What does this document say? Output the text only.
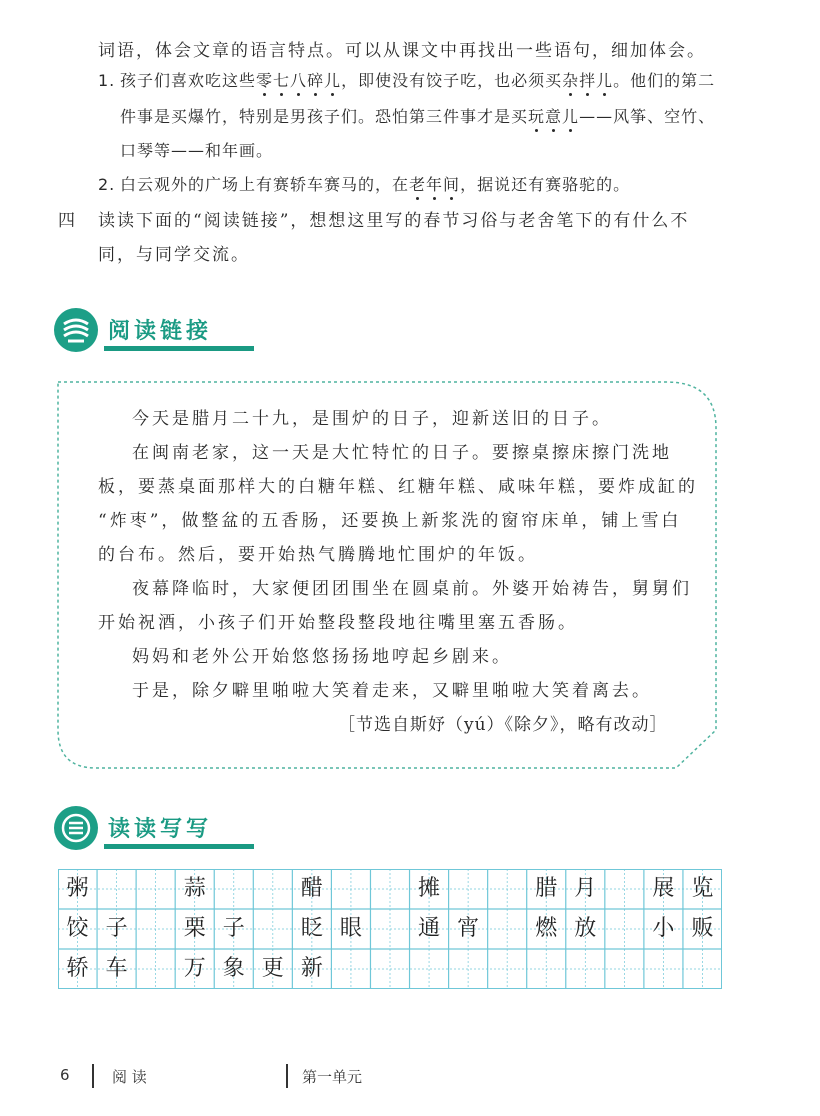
词语，体会文章的语言特点。可以从课文中再找出一些语句，细加体会。
1. 孩子们喜欢吃这些零七八碎儿，即使没有饺子吃，也必须买杂拌儿。他们的第二
件事是买爆竹，特别是男孩子们。恐怕第三件事才是买玩意儿——风筝、空竹、
口琴等——和年画。
2. 白云观外的广场上有赛轿车赛马的，在老年间，据说还有赛骆驼的。
四 读读下面的“阅读链接”，想想这里写的春节习俗与老舍笔下的有什么不
同，与同学交流。
阅读链接
今天是腊月二十九，是围炉的日子，迎新送旧的日子。
在闽南老家，这一天是大忙特忙的日子。要擦桌擦床擦门洗地
板，要蒸桌面那样大的白糖年糕、红糖年糕、咸味年糕，要炸成缸的
“炸枣”，做整盆的五香肠，还要换上新浆洗的窗帘床单，铺上雪白
的台布。然后，要开始热气腾腾地忙围炉的年饭。
夜幕降临时，大家便团团围坐在圆桌前。外婆开始祷告，舅舅们
开始祝酒，小孩子们开始整段整段地往嘴里塞五香肠。
妈妈和老外公开始悠悠扬扬地哼起乡剧来。
于是，除夕噼里啪啦大笑着走来，又噼里啪啦大笑着离去。
［节选自斯妤（yú）《除夕》，略有改动］
读读写写
粥	蒜	醋	摊	腊 月	展 览
饺 子	栗 子	眨 眼	通 宵	燃 放	小 贩
轿 车	万 象 更 新
6	阅 读	第一单元
